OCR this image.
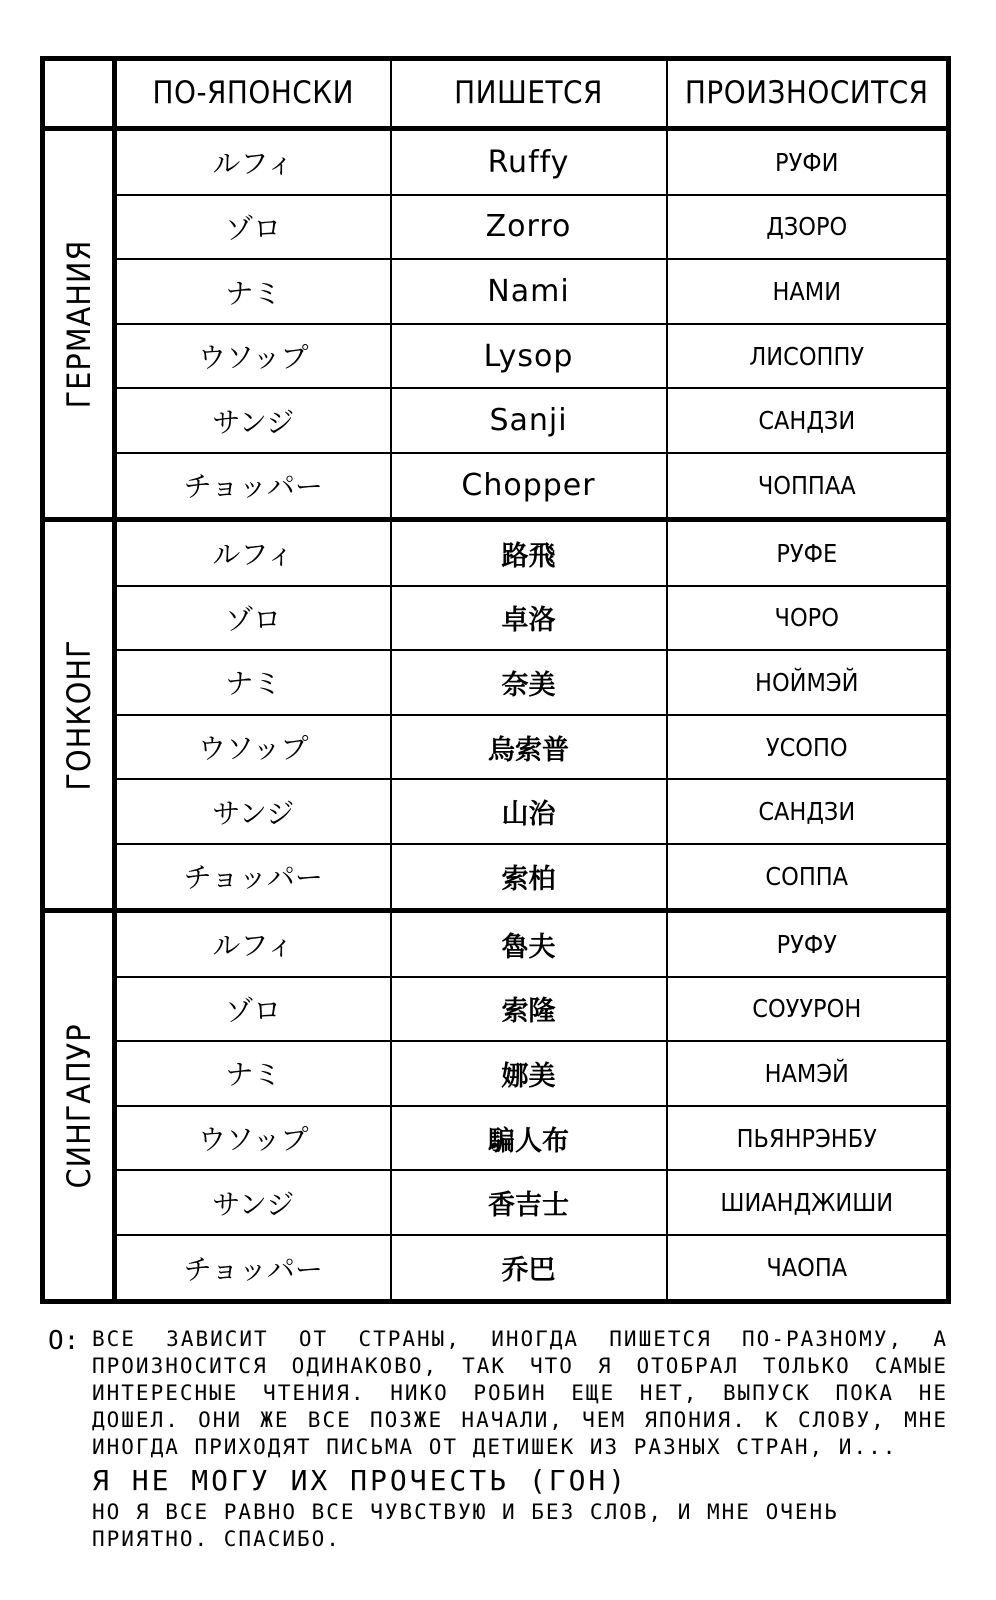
	ПО-ЯПОНСКИ	ПИШЕТСЯ	ПРОИЗНОСИТСЯ

ГЕРМАНИЯ	ルフィ	Ruffy	РУФИ
	ゾロ	Zorro	ДЗОРО
	ナミ	Nami	НАМИ
	ウソップ	Lysop	ЛИСОППУ
	サンジ	Sanji	САНДЗИ
	チョッパー	Chopper	ЧОППАА

ГОНКОНГ	ルフィ	路飛	РУФЕ
	ゾロ	卓洛	ЧОРО
	ナミ	奈美	НОЙМЭЙ
	ウソップ	烏索普	УСОПО
	サンジ	山治	САНДЗИ
	チョッパー	索柏	СОППА

СИНГАПУР	ルフィ	魯夫	РУФУ
	ゾロ	索隆	СОУУРОН
	ナミ	娜美	НАМЭЙ
	ウソップ	騙人布	ПЬЯНРЭНБУ
	サンジ	香吉士	ШИАНДЖИШИ
	チョッパー	乔巴	ЧАОПА
О: ВСЕ ЗАВИСИТ ОТ СТРАНЫ, ИНОГДА ПИШЕТСЯ ПО-РАЗНОМУ, А ПРОИЗНОСИТСЯ ОДИНАКОВО, ТАК ЧТО Я ОТОБРАЛ ТОЛЬКО САМЫЕ ИНТЕРЕСНЫЕ ЧТЕНИЯ. НИКО РОБИН ЕЩЕ НЕТ, ВЫПУСК ПОКА НЕ ДОШЕЛ. ОНИ ЖЕ ВСЕ ПОЗЖЕ НАЧАЛИ, ЧЕМ ЯПОНИЯ. К СЛОВУ, МНЕ ИНОГДА ПРИХОДЯТ ПИСЬМА ОТ ДЕТИШЕК ИЗ РАЗНЫХ СТРАН, И...
Я НЕ МОГУ ИХ ПРОЧЕСТЬ (ГОН)
НО Я ВСЕ РАВНО ВСЕ ЧУВСТВУЮ И БЕЗ СЛОВ, И МНЕ ОЧЕНЬ ПРИЯТНО. СПАСИБО.
